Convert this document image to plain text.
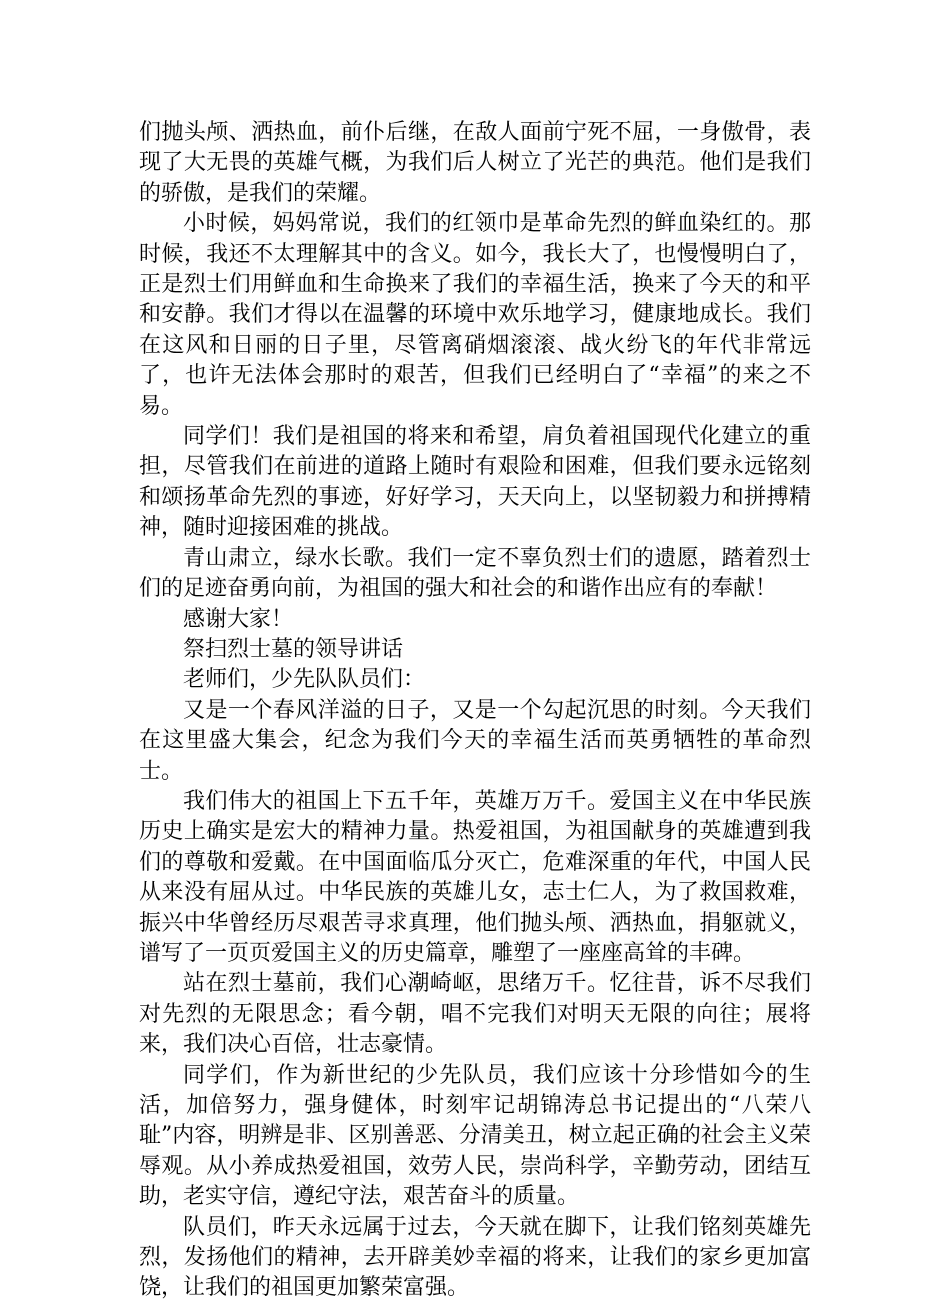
们抛头颅、洒热血，前仆后继，在敌人面前宁死不屈，一身傲骨，表现了大无畏的英雄气概，为我们后人树立了光芒的典范。他们是我们的骄傲，是我们的荣耀。

小时候，妈妈常说，我们的红领巾是革命先烈的鲜血染红的。那时候，我还不太理解其中的含义。如今，我长大了，也慢慢明白了，正是烈士们用鲜血和生命换来了我们的幸福生活，换来了今天的和平和安静。我们才得以在温馨的环境中欢乐地学习，健康地成长。我们在这风和日丽的日子里，尽管离硝烟滚滚、战火纷飞的年代非常远了，也许无法体会那时的艰苦，但我们已经明白了“幸福”的来之不易。

同学们！我们是祖国的将来和希望，肩负着祖国现代化建立的重担，尽管我们在前进的道路上随时有艰险和困难，但我们要永远铭刻和颂扬革命先烈的事迹，好好学习，天天向上，以坚韧毅力和拼搏精神，随时迎接困难的挑战。

青山肃立，绿水长歌。我们一定不辜负烈士们的遗愿，踏着烈士们的足迹奋勇向前，为祖国的强大和社会的和谐作出应有的奉献！

感谢大家！

祭扫烈士墓的领导讲话

老师们，少先队队员们：

又是一个春风洋溢的日子，又是一个勾起沉思的时刻。今天我们在这里盛大集会，纪念为我们今天的幸福生活而英勇牺牲的革命烈士。

我们伟大的祖国上下五千年，英雄万万千。爱国主义在中华民族历史上确实是宏大的精神力量。热爱祖国，为祖国献身的英雄遭到我们的尊敬和爱戴。在中国面临瓜分灭亡，危难深重的年代，中国人民从来没有屈从过。中华民族的英雄儿女，志士仁人，为了救国救难，振兴中华曾经历尽艰苦寻求真理，他们抛头颅、洒热血，捐躯就义，谱写了一页页爱国主义的历史篇章，雕塑了一座座高耸的丰碑。

站在烈士墓前，我们心潮崎岖，思绪万千。忆往昔，诉不尽我们对先烈的无限思念；看今朝，唱不完我们对明天无限的向往；展将来，我们决心百倍，壮志豪情。

同学们，作为新世纪的少先队员，我们应该十分珍惜如今的生活，加倍努力，强身健体，时刻牢记胡锦涛总书记提出的“八荣八耻”内容，明辨是非、区别善恶、分清美丑，树立起正确的社会主义荣辱观。从小养成热爱祖国，效劳人民，崇尚科学，辛勤劳动，团结互助，老实守信，遵纪守法，艰苦奋斗的质量。

队员们，昨天永远属于过去，今天就在脚下，让我们铭刻英雄先烈，发扬他们的精神，去开辟美妙幸福的将来，让我们的家乡更加富饶，让我们的祖国更加繁荣富强。
